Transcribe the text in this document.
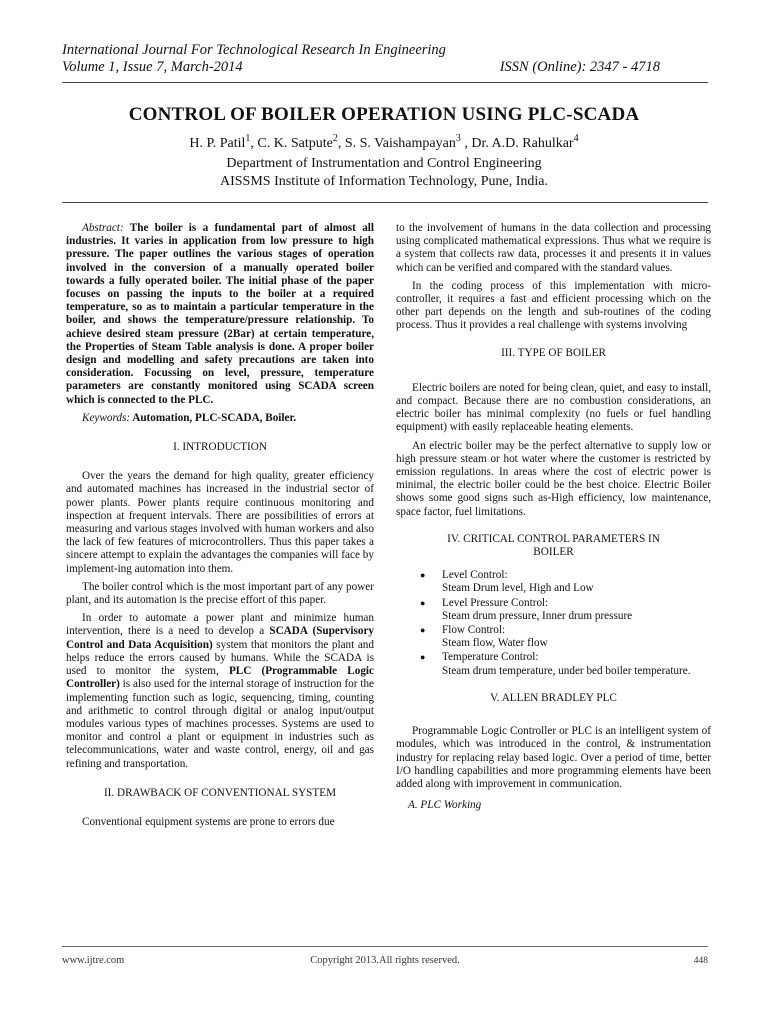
International Journal For Technological Research In Engineering
Volume 1, Issue 7, March-2014	ISSN (Online): 2347 - 4718
CONTROL OF BOILER OPERATION USING PLC-SCADA
H. P. Patil$^1$, C. K. Satpute$^2$, S. S. Vaishampayan$^3$ , Dr. A.D. Rahulkar$^4$
Department of Instrumentation and Control Engineering
AISSMS Institute of Information Technology, Pune, India.

Abstract: The boiler is a fundamental part of almost all industries. It varies in application from low pressure to high pressure. The paper outlines the various stages of operation involved in the conversion of a manually operated boiler towards a fully operated boiler. The initial phase of the paper focuses on passing the inputs to the boiler at a required temperature, so as to maintain a particular temperature in the boiler, and shows the temperature/pressure relationship. To achieve desired steam pressure (2Bar) at certain temperature, the Properties of Steam Table analysis is done. A proper boiler design and modelling and safety precautions are taken into consideration. Focussing on level, pressure, temperature parameters are constantly monitored using SCADA screen which is connected to the PLC.

Keywords: Automation, PLC-SCADA, Boiler.

I. INTRODUCTION

Over the years the demand for high quality, greater efficiency and automated machines has increased in the industrial sector of power plants. Power plants require continuous monitoring and inspection at frequent intervals. There are possibilities of errors at measuring and various stages involved with human workers and also the lack of few features of microcontrollers. Thus this paper takes a sincere attempt to explain the advantages the companies will face by implement-ing automation into them.

The boiler control which is the most important part of any power plant, and its automation is the precise effort of this paper.

In order to automate a power plant and minimize human intervention, there is a need to develop a SCADA (Supervisory Control and Data Acquisition) system that monitors the plant and helps reduce the errors caused by humans. While the SCADA is used to monitor the system, PLC (Programmable Logic Controller) is also used for the internal storage of instruction for the implementing function such as logic, sequencing, timing, counting and arithmetic to control through digital or analog input/output modules various types of machines processes. Systems are used to monitor and control a plant or equipment in industries such as telecommunications, water and waste control, energy, oil and gas refining and transportation.

II. DRAWBACK OF CONVENTIONAL SYSTEM

Conventional equipment systems are prone to errors due

to the involvement of humans in the data collection and processing using complicated mathematical expressions. Thus what we require is a system that collects raw data, processes it and presents it in values which can be verified and compared with the standard values.

In the coding process of this implementation with micro-controller, it requires a fast and efficient processing which on the other part depends on the length and sub-routines of the coding process. Thus it provides a real challenge with systems involving

III. TYPE OF BOILER

Electric boilers are noted for being clean, quiet, and easy to install, and compact. Because there are no combustion considerations, an electric boiler has minimal complexity (no fuels or fuel handling equipment) with easily replaceable heating elements.

An electric boiler may be the perfect alternative to supply low or high pressure steam or hot water where the customer is restricted by emission regulations. In areas where the cost of electric power is minimal, the electric boiler could be the best choice. Electric Boiler shows some good signs such as-High efficiency, low maintenance, space factor, fuel limitations.

IV. CRITICAL CONTROL PARAMETERS IN
BOILER
● Level Control:
Steam Drum level, High and Low
● Level Pressure Control:
Steam drum pressure, Inner drum pressure
● Flow Control:
Steam flow, Water flow
● Temperature Control:
Steam drum temperature, under bed boiler temperature.
V. ALLEN BRADLEY PLC

Programmable Logic Controller or PLC is an intelligent system of modules, which was introduced in the control, & instrumentation industry for replacing relay based logic. Over a period of time, better I/O handling capabilities and more programming elements have been added along with improvement in communication.

A. PLC Working
www.ijtre.com	Copyright 2013.All rights reserved.	448
